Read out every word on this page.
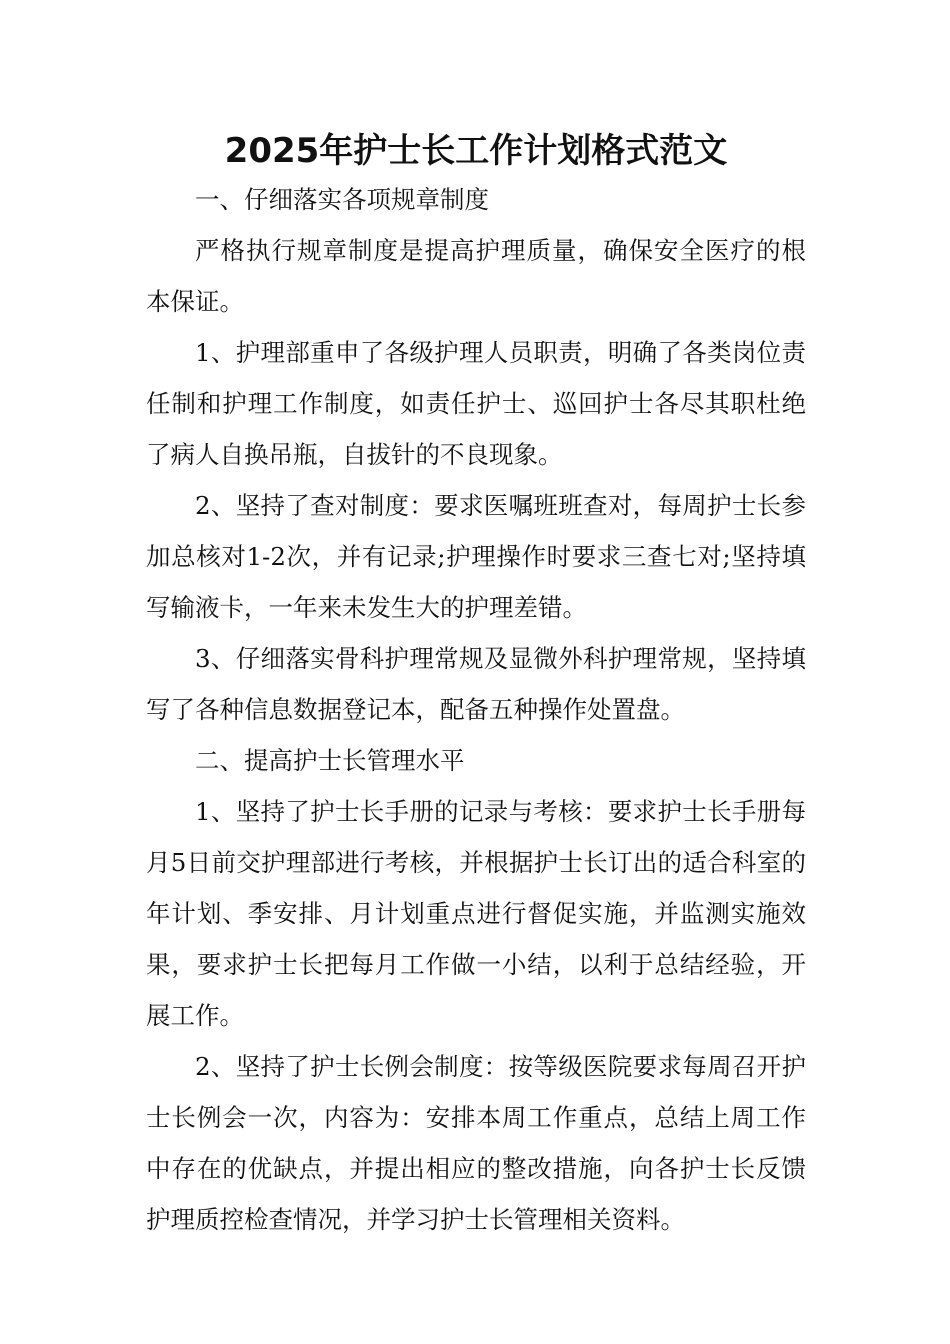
2025年护士长工作计划格式范文

一、仔细落实各项规章制度

严格执行规章制度是提高护理质量，确保安全医疗的根本保证。

1、护理部重申了各级护理人员职责，明确了各类岗位责任制和护理工作制度，如责任护士、巡回护士各尽其职杜绝了病人自换吊瓶，自拔针的不良现象。

2、坚持了查对制度：要求医嘱班班查对，每周护士长参加总核对1-2次，并有记录;护理操作时要求三查七对;坚持填写输液卡，一年来未发生大的护理差错。

3、仔细落实骨科护理常规及显微外科护理常规，坚持填写了各种信息数据登记本，配备五种操作处置盘。

二、提高护士长管理水平

1、坚持了护士长手册的记录与考核：要求护士长手册每月5日前交护理部进行考核，并根据护士长订出的适合科室的年计划、季安排、月计划重点进行督促实施，并监测实施效果，要求护士长把每月工作做一小结，以利于总结经验，开展工作。

2、坚持了护士长例会制度：按等级医院要求每周召开护士长例会一次，内容为：安排本周工作重点，总结上周工作中存在的优缺点，并提出相应的整改措施，向各护士长反馈护理质控检查情况，并学习护士长管理相关资料。
